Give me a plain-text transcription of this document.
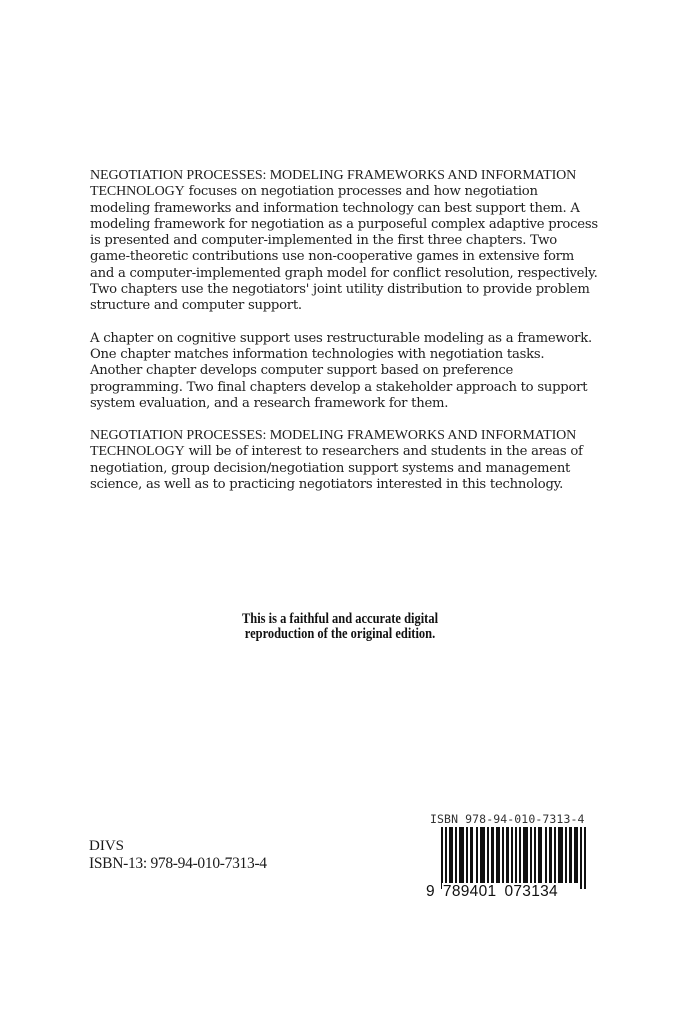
NEGOTIATION PROCESSES: MODELING FRAMEWORKS AND INFORMATION TECHNOLOGY focuses on negotiation processes and how negotiation modeling frameworks and information technology can best support them. A modeling framework for negotiation as a purposeful complex adaptive process is presented and computer-implemented in the first three chapters. Two game-theoretic contributions use non-cooperative games in extensive form and a computer-implemented graph model for conflict resolution, respectively. Two chapters use the negotiators' joint utility distribution to provide problem structure and computer support.

A chapter on cognitive support uses restructurable modeling as a framework. One chapter matches information technologies with negotiation tasks. Another chapter develops computer support based on preference programming. Two final chapters develop a stakeholder approach to support system evaluation, and a research framework for them.

NEGOTIATION PROCESSES: MODELING FRAMEWORKS AND INFORMATION TECHNOLOGY will be of interest to researchers and students in the areas of negotiation, group decision/negotiation support systems and management science, as well as to practicing negotiators interested in this technology.

This is a faithful and accurate digital
reproduction of the original edition.
DIVS
ISBN-13: 978-94-010-7313-4
ISBN 978-94-010-7313-4
9 789401 073134
